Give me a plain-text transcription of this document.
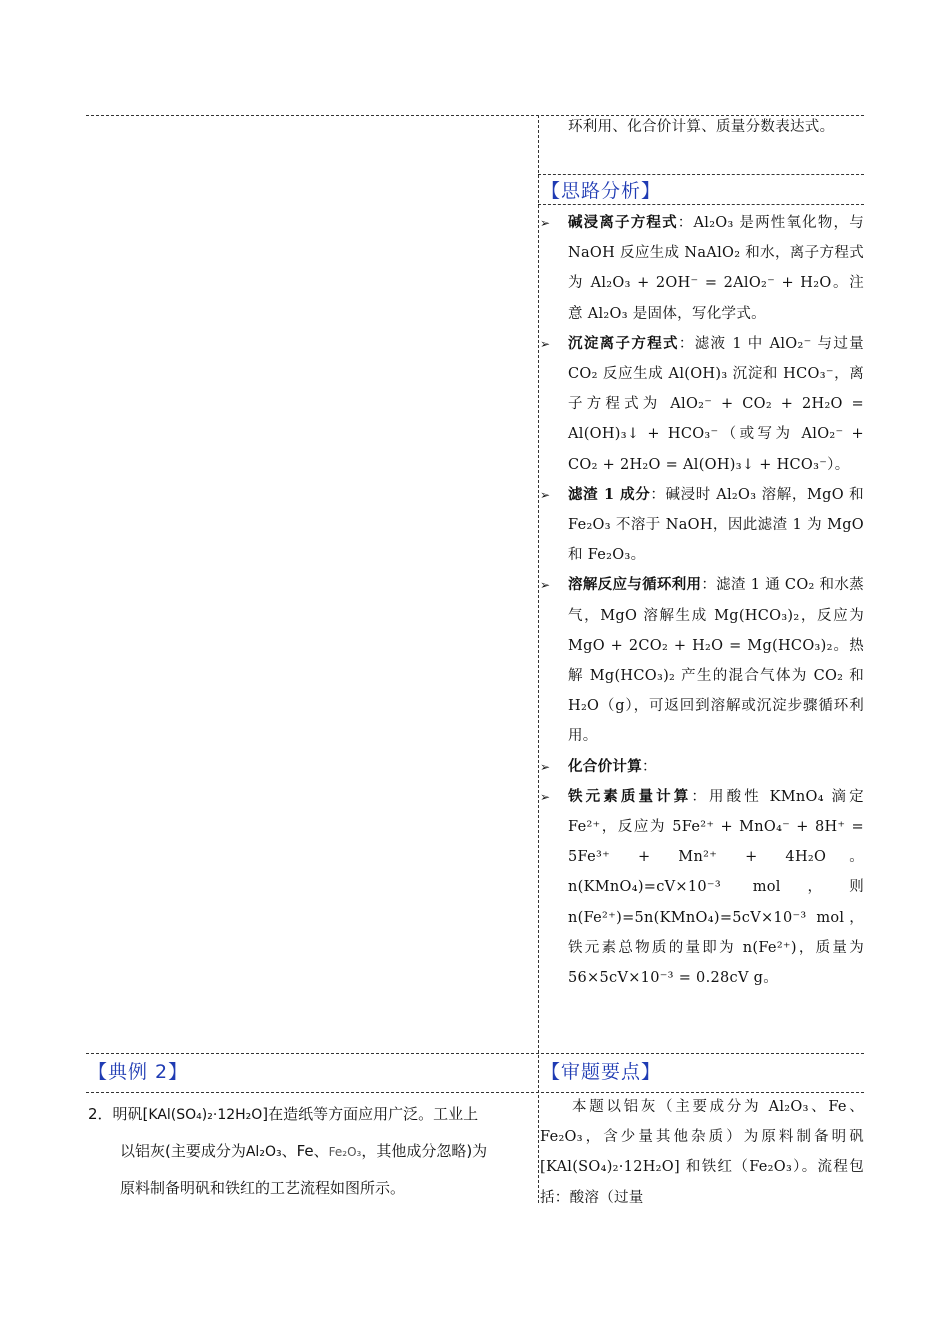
环利用、化合价计算、质量分数表达式。
【思路分析】
➢ 碱浸离子方程式：Al₂O₃ 是两性氧化物，与 NaOH 反应生成 NaAlO₂ 和水，离子方程式为 Al₂O₃ + 2OH⁻ = 2AlO₂⁻ + H₂O。注意 Al₂O₃ 是固体，写化学式。
➢ 沉淀离子方程式：滤液 1 中 AlO₂⁻ 与过量 CO₂ 反应生成 Al(OH)₃ 沉淀和 HCO₃⁻，离子方程式为 AlO₂⁻ + CO₂ + 2H₂O = Al(OH)₃↓ + HCO₃⁻（或写为 AlO₂⁻ + CO₂ + 2H₂O = Al(OH)₃↓ + HCO₃⁻）。
➢ 滤渣 1 成分：碱浸时 Al₂O₃ 溶解，MgO 和 Fe₂O₃ 不溶于 NaOH，因此滤渣 1 为 MgO 和 Fe₂O₃。
➢ 溶解反应与循环利用：滤渣 1 通 CO₂ 和水蒸气，MgO 溶解生成 Mg(HCO₃)₂，反应为 MgO + 2CO₂ + H₂O = Mg(HCO₃)₂。热解 Mg(HCO₃)₂ 产生的混合气体为 CO₂ 和 H₂O（g），可返回到溶解或沉淀步骤循环利用。
➢ 化合价计算：
➢ 铁元素质量计算：用酸性 KMnO₄ 滴定 Fe²⁺，反应为 5Fe²⁺ + MnO₄⁻ + 8H⁺ = 5Fe³⁺ + Mn²⁺ + 4H₂O。n(KMnO₄)=cV×10⁻³ mol，则 n(Fe²⁺)=5n(KMnO₄)=5cV×10⁻³ mol，铁元素总物质的量即为 n(Fe²⁺)，质量为 56×5cV×10⁻³ = 0.28cV g。
【典例 2】
2．明矾[KAl(SO₄)₂·12H₂O]在造纸等方面应用广泛。工业上
以铝灰(主要成分为Al₂O₃、Fe、Fe₂O₃，其他成分忽略)为
原料制备明矾和铁红的工艺流程如图所示。
【审题要点】
本题以铝灰（主要成分为 Al₂O₃、Fe、Fe₂O₃，含少量其他杂质）为原料制备明矾 [KAl(SO₄)₂·12H₂O] 和铁红（Fe₂O₃）。流程包括：酸溶（过量
